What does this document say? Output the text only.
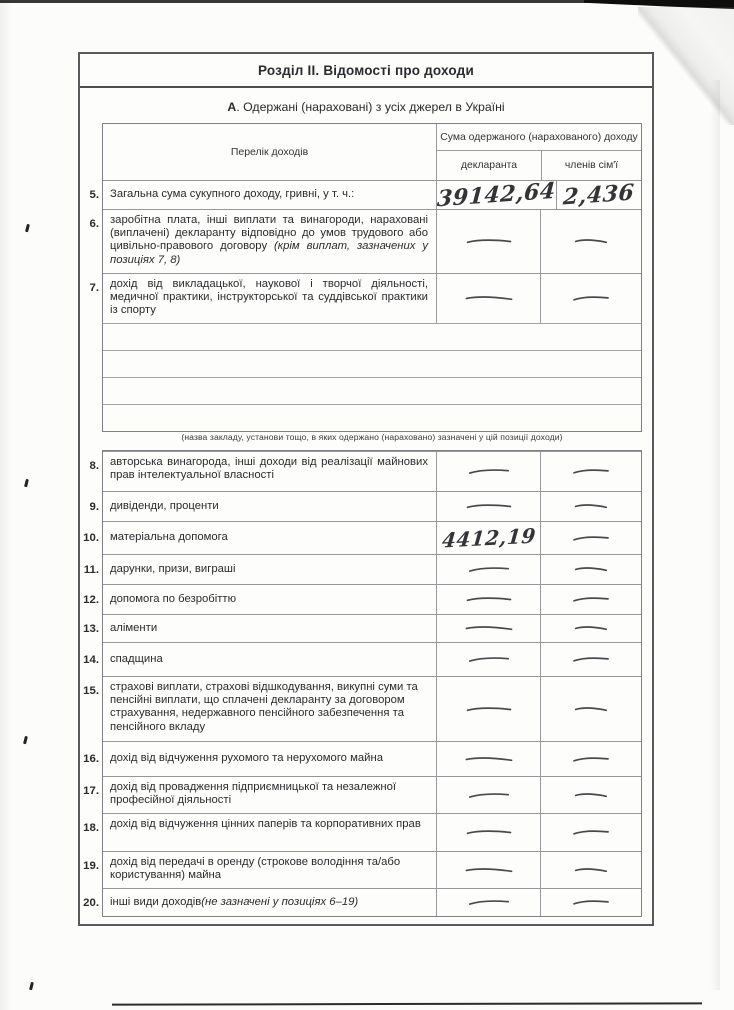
Розділ II. Відомості про доходи
А. Одержані (нараховані) з усіх джерел в Україні
Перелік доходів
Сума одержаного (нарахованого) доходу
декларанта	членів сім'ї
5. Загальна сума сукупного доходу, гривні, у т. ч.:	39142,64 2,436
6. заробітна плата, інші виплати та винагороди, нараховані (виплачені) декларанту відповідно до умов трудового або цивільно-правового договору (крім виплат, зазначених у позиціях 7, 8)
7. дохід від викладацької, наукової і творчої діяльності, медичної практики, інструкторської та суддівської практики із спорту
(назва закладу, установи тощо, в яких одержано (нараховано) зазначені у цій позиції доходи)
8. авторська винагорода, інші доходи від реалізації майнових прав інтелектуальної власності
9. дивіденди, проценти
10. матеріальна допомога	4412,19
11. дарунки, призи, виграші
12. допомога по безробіттю
13. аліменти
14. спадщина
15. страхові виплати, страхові відшкодування, викупні суми та пенсійні виплати, що сплачені декларанту за договором страхування, недержавного пенсійного забезпечення та пенсійного вкладу
16. дохід від відчуження рухомого та нерухомого майна
17. дохід від провадження підприємницької та незалежної професійної діяльності
18. дохід від відчуження цінних паперів та корпоративних прав
19. дохід від передачі в оренду (строкове володіння та/або користування) майна
20. інші види доходів (не зазначені у позиціях 6–19)
